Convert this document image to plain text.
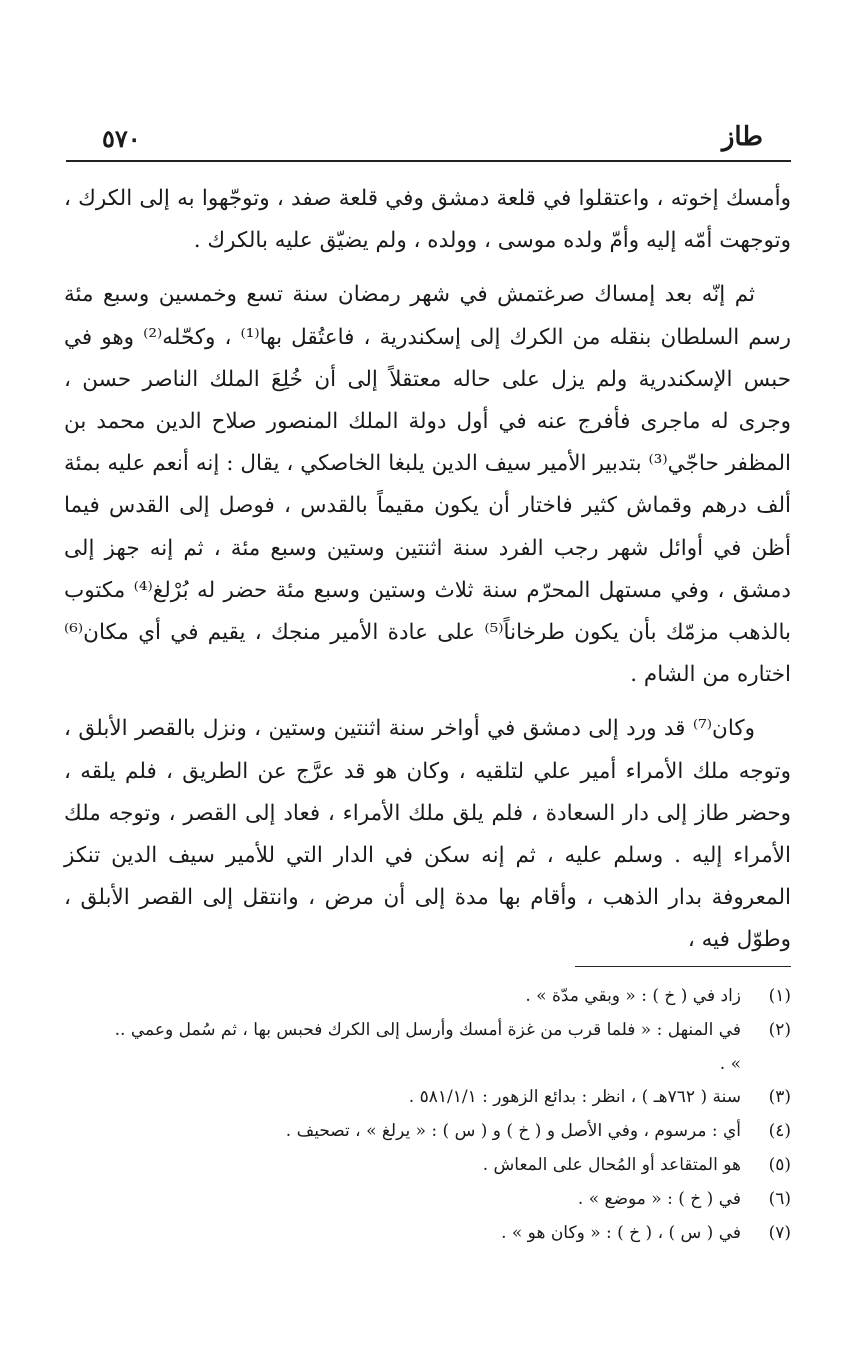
طاز
٥٧٠

وأمسك إخوته ، واعتقلوا في قلعة دمشق وفي قلعة صفد ، وتوجّهوا به إلى الكرك ، وتوجهت أمّه إليه وأمّ ولده موسى ، وولده ، ولم يضيّق عليه بالكرك .

ثم إنّه بعد إمساك صرغتمش في شهر رمضان سنة تسع وخمسين وسبع مئة رسم السلطان بنقله من الكرك إلى إسكندرية ، فاعتُقل بها⁽¹⁾ ، وكحّله⁽²⁾ وهو في حبس الإسكندرية ولم يزل على حاله معتقلاً إلى أن خُلِعَ الملك الناصر حسن ، وجرى له ماجرى فأفرج عنه في أول دولة الملك المنصور صلاح الدين محمد بن المظفر حاجّي⁽³⁾ بتدبير الأمير سيف الدين يلبغا الخاصكي ، يقال : إنه أنعم عليه بمئة ألف درهم وقماش كثير فاختار أن يكون مقيماً بالقدس ، فوصل إلى القدس فيما أظن في أوائل شهر رجب الفرد سنة اثنتين وستين وسبع مئة ، ثم إنه جهز إلى دمشق ، وفي مستهل المحرّم سنة ثلاث وستين وسبع مئة حضر له بُرْلغ⁽⁴⁾ مكتوب بالذهب مزمّك بأن يكون طرخاناً⁽⁵⁾ على عادة الأمير منجك ، يقيم في أي مكان⁽⁶⁾ اختاره من الشام .

وكان⁽⁷⁾ قد ورد إلى دمشق في أواخر سنة اثنتين وستين ، ونزل بالقصر الأبلق ، وتوجه ملك الأمراء أمير علي لتلقيه ، وكان هو قد عرَّج عن الطريق ، فلم يلقه ، وحضر طاز إلى دار السعادة ، فلم يلق ملك الأمراء ، فعاد إلى القصر ، وتوجه ملك الأمراء إليه . وسلم عليه ، ثم إنه سكن في الدار التي للأمير سيف الدين تنكز المعروفة بدار الذهب ، وأقام بها مدة إلى أن مرض ، وانتقل إلى القصر الأبلق ، وطوّل فيه ،

(١)
زاد في ( خ ) : « وبقي مدّة » .
(٢)
في المنهل : « فلما قرب من غزة أمسك وأرسل إلى الكرك فحبس بها ، ثم سُمل وعمي .. » .
(٣)
سنة ( ٧٦٢هـ ) ، انظر : بدائع الزهور : ٥٨١/١/١ .
(٤)
أي : مرسوم ، وفي الأصل و ( خ ) و ( س ) : « يرلغ » ، تصحيف .
(٥)
هو المتقاعد أو المُحال على المعاش .
(٦)
في ( خ ) : « موضع » .
(٧)
في ( س ) ، ( خ ) : « وكان هو » .
